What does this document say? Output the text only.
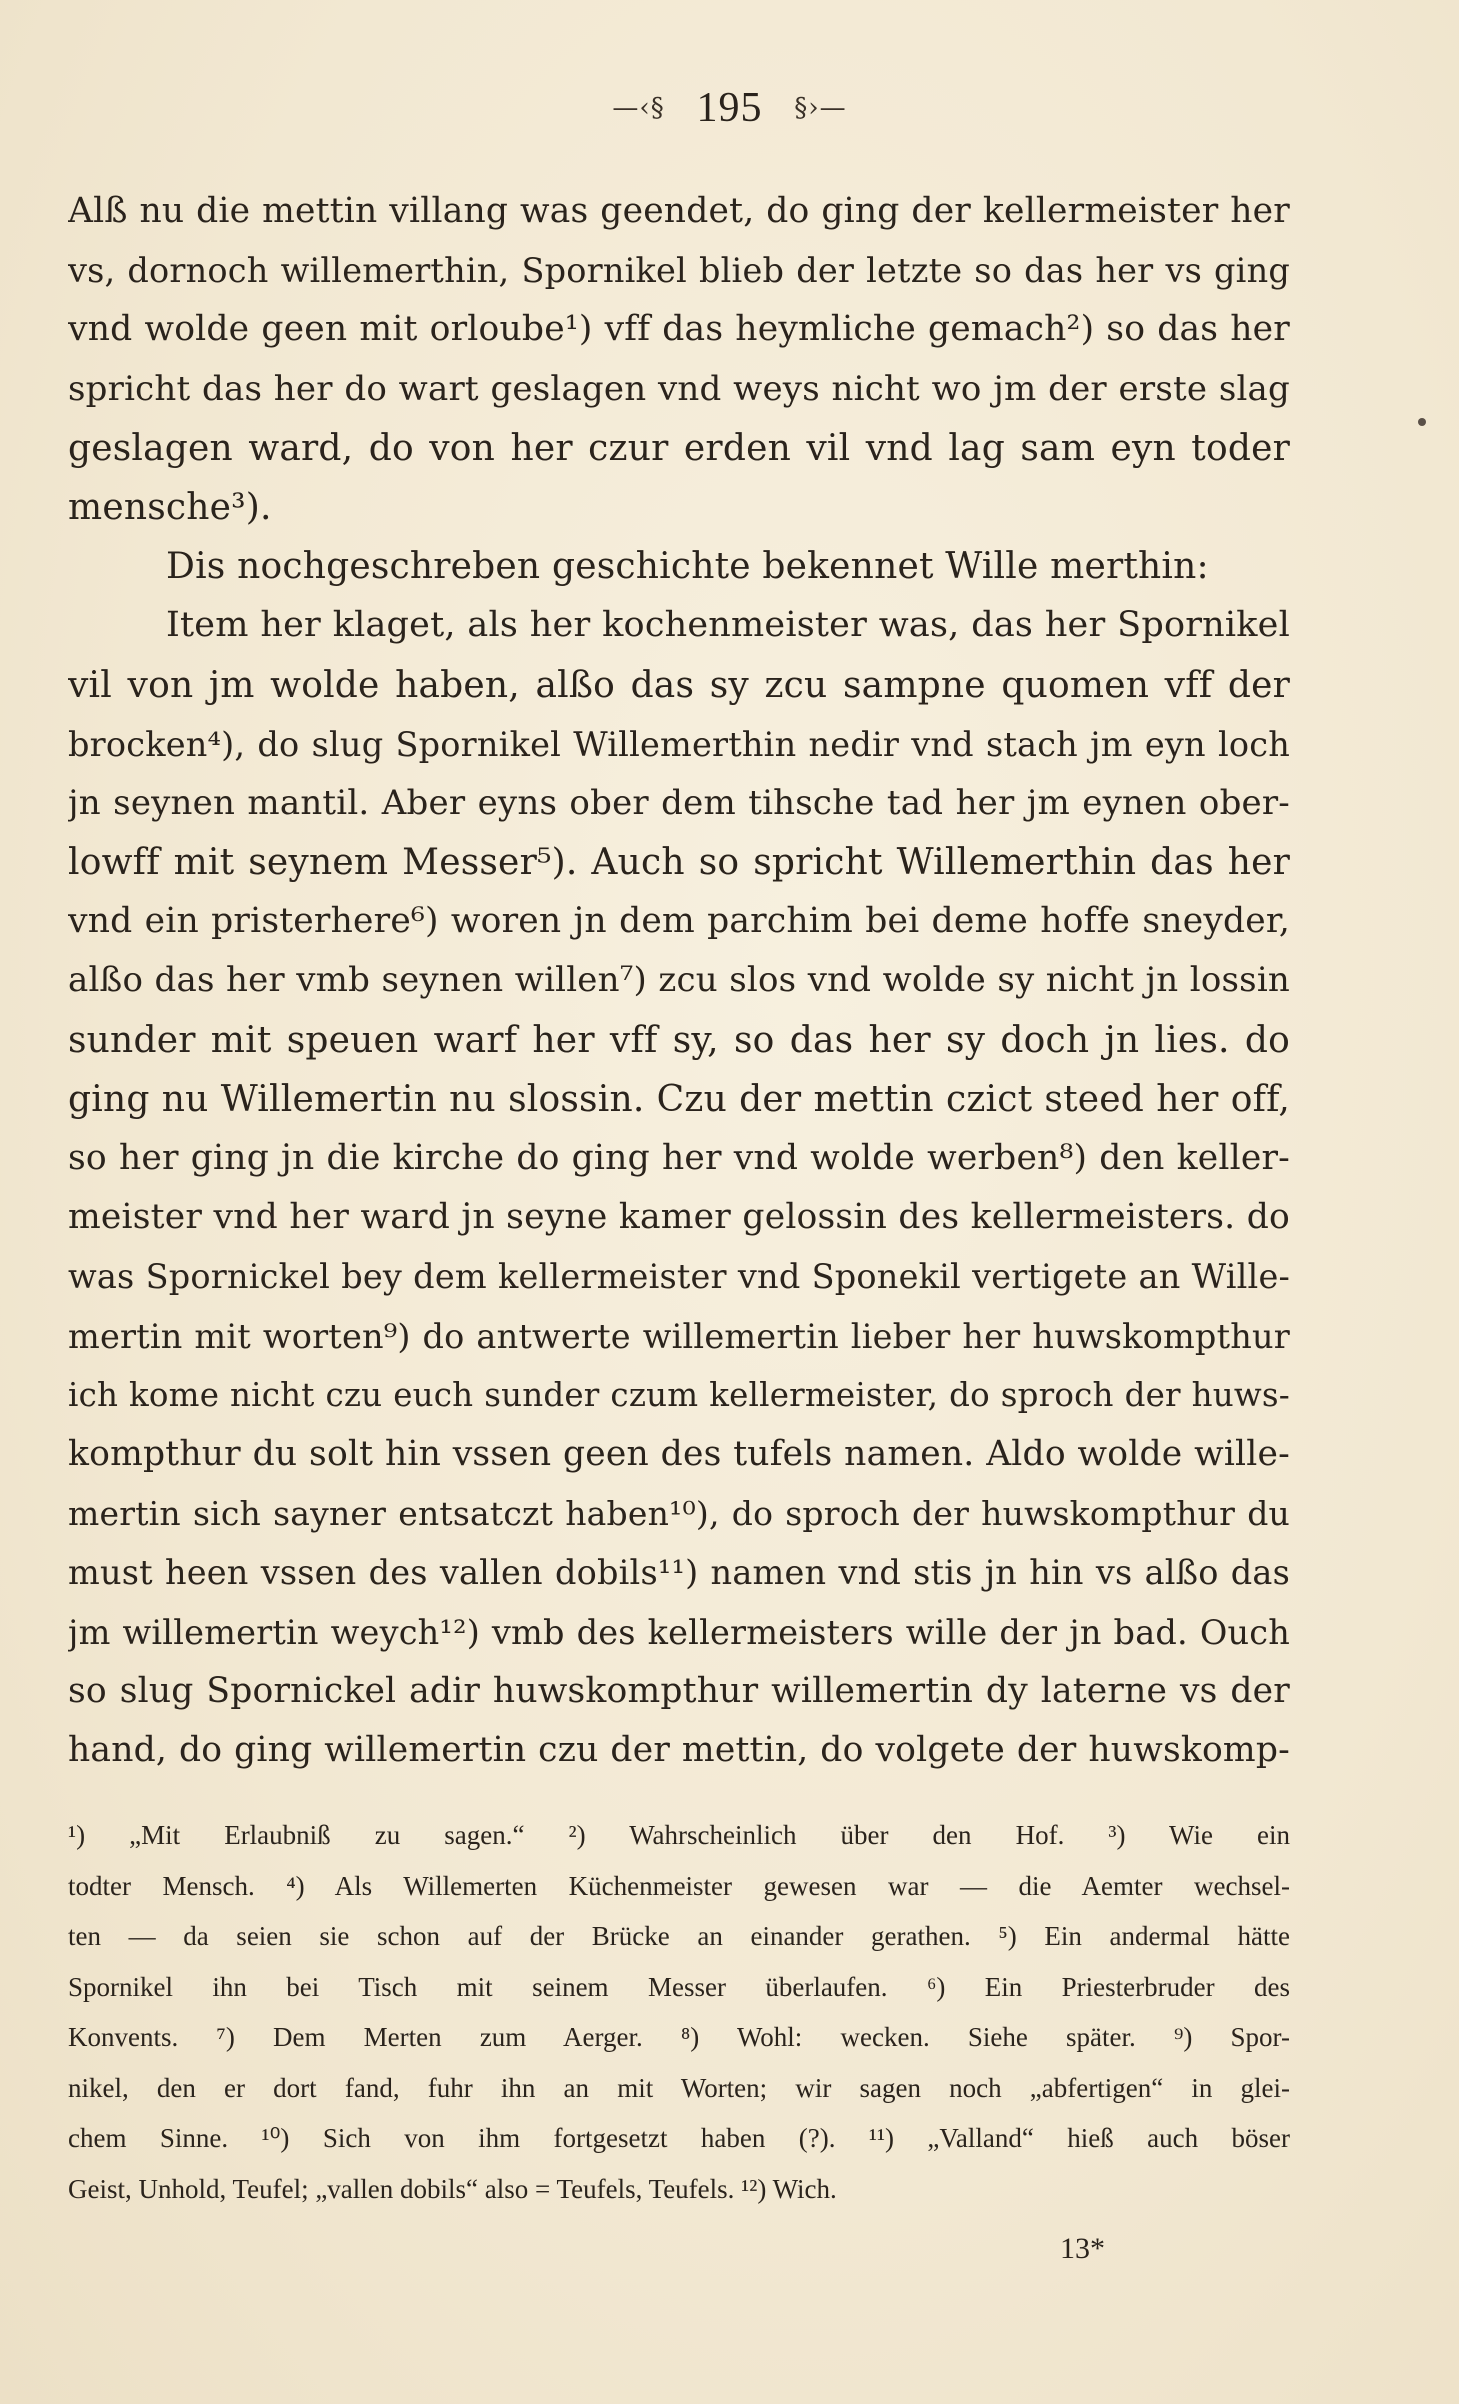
—‹§ 195 §›—
Alß nu die mettin villang was geendet, do ging der kellermeister her
vs, dornoch willemerthin, Spornikel blieb der letzte so das her vs ging
vnd wolde geen mit orloube¹) vff das heymliche gemach²) so das her
spricht das her do wart geslagen vnd weys nicht wo jm der erste slag
geslagen ward, do von her czur erden vil vnd lag sam eyn toder
mensche³).
Dis nochgeschreben geschichte bekennet Wille merthin:
Item her klaget, als her kochenmeister was, das her Spornikel
vil von jm wolde haben, alßo das sy zcu sampne quomen vff der
brocken⁴), do slug Spornikel Willemerthin nedir vnd stach jm eyn loch
jn seynen mantil. Aber eyns ober dem tihsche tad her jm eynen ober-
lowff mit seynem Messer⁵). Auch so spricht Willemerthin das her
vnd ein pristerhere⁶) woren jn dem parchim bei deme hoffe sneyder,
alßo das her vmb seynen willen⁷) zcu slos vnd wolde sy nicht jn lossin
sunder mit speuen warf her vff sy, so das her sy doch jn lies. do
ging nu Willemertin nu slossin. Czu der mettin czict steed her off,
so her ging jn die kirche do ging her vnd wolde werben⁸) den keller-
meister vnd her ward jn seyne kamer gelossin des kellermeisters. do
was Spornickel bey dem kellermeister vnd Sponekil vertigete an Wille-
mertin mit worten⁹) do antwerte willemertin lieber her huwskompthur
ich kome nicht czu euch sunder czum kellermeister, do sproch der huws-
kompthur du solt hin vssen geen des tufels namen. Aldo wolde wille-
mertin sich sayner entsatczt haben¹⁰), do sproch der huwskompthur du
must heen vssen des vallen dobils¹¹) namen vnd stis jn hin vs alßo das
jm willemertin weych¹²) vmb des kellermeisters wille der jn bad. Ouch
so slug Spornickel adir huwskompthur willemertin dy laterne vs der
hand, do ging willemertin czu der mettin, do volgete der huwskomp-
¹) „Mit Erlaubniß zu sagen.“ ²) Wahrscheinlich über den Hof. ³) Wie ein
todter Mensch. ⁴) Als Willemerten Küchenmeister gewesen war — die Aemter wechsel-
ten — da seien sie schon auf der Brücke an einander gerathen. ⁵) Ein andermal hätte
Spornikel ihn bei Tisch mit seinem Messer überlaufen. ⁶) Ein Priesterbruder des
Konvents. ⁷) Dem Merten zum Aerger. ⁸) Wohl: wecken. Siehe später. ⁹) Spor-
nikel, den er dort fand, fuhr ihn an mit Worten; wir sagen noch „abfertigen“ in glei-
chem Sinne. ¹⁰) Sich von ihm fortgesetzt haben (?). ¹¹) „Valland“ hieß auch böser
Geist, Unhold, Teufel; „vallen dobils“ also = Teufels, Teufels. ¹²) Wich.
13*
